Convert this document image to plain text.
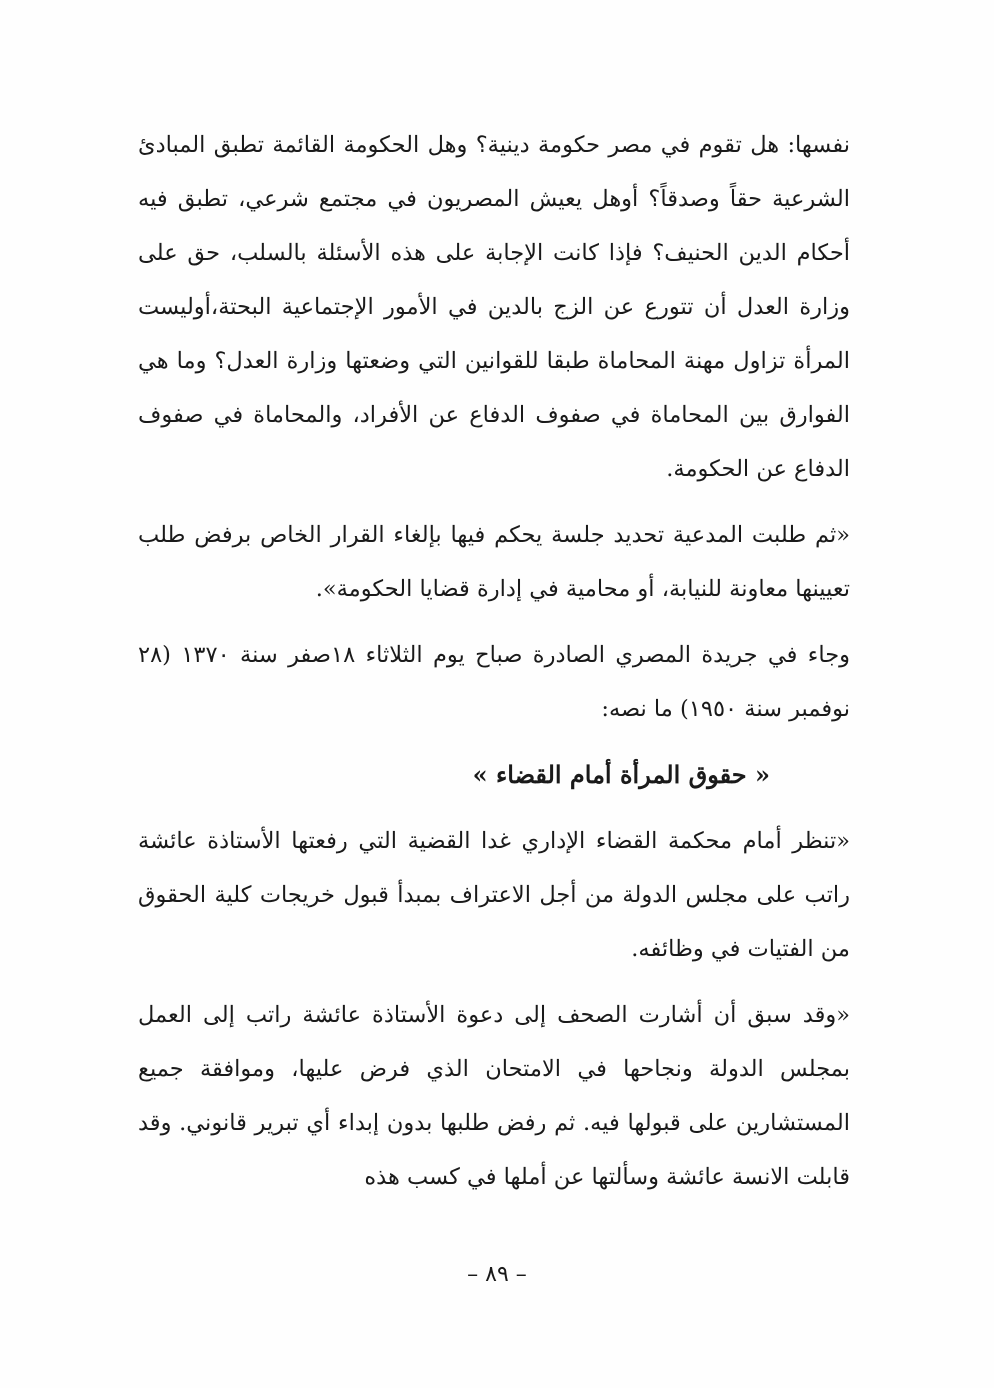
نفسها: هل تقوم في مصر حكومة دينية؟ وهل الحكومة القائمة تطبق المبادئ الشرعية حقاً وصدقاً؟ أوهل يعيش المصريون في مجتمع شرعي، تطبق فيه أحكام الدين الحنيف؟ فإذا كانت الإجابة على هذه الأسئلة بالسلب، حق على وزارة العدل أن تتورع عن الزج بالدين في الأمور الإجتماعية البحتة،أوليست المرأة تزاول مهنة المحاماة طبقا للقوانين التي وضعتها وزارة العدل؟ وما هي الفوارق بين المحاماة في صفوف الدفاع عن الأفراد، والمحاماة في صفوف الدفاع عن الحكومة.

«ثم طلبت المدعية تحديد جلسة يحكم فيها بإلغاء القرار الخاص برفض طلب تعيينها معاونة للنيابة، أو محامية في إدارة قضايا الحكومة».

وجاء في جريدة المصري الصادرة صباح يوم الثلاثاء ١٨صفر سنة ١٣٧٠ (٢٨ نوفمبر سنة ١٩٥٠) ما نصه:

« حقوق المرأة أمام القضاء »

«تنظر أمام محكمة القضاء الإداري غدا القضية التي رفعتها الأستاذة عائشة راتب على مجلس الدولة من أجل الاعتراف بمبدأ قبول خريجات كلية الحقوق من الفتيات في وظائفه.

«وقد سبق أن أشارت الصحف إلى دعوة الأستاذة عائشة راتب إلى العمل بمجلس الدولة ونجاحها في الامتحان الذي فرض عليها، وموافقة جميع المستشارين على قبولها فيه. ثم رفض طلبها بدون إبداء أي تبرير قانوني. وقد قابلت الانسة عائشة وسألتها عن أملها في كسب هذه

– ٨٩ –
